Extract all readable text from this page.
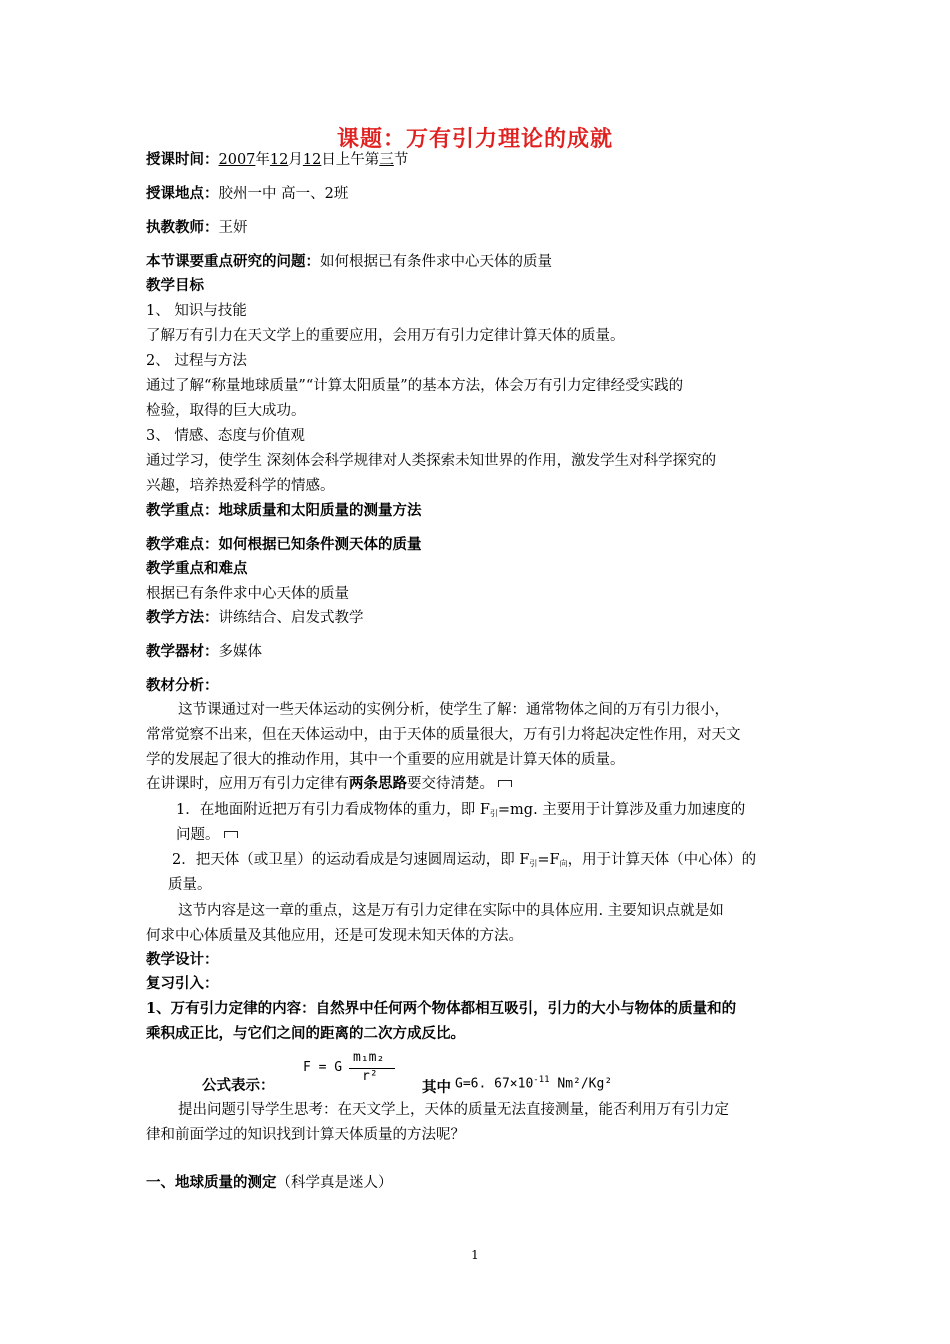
课题：万有引力理论的成就
授课时间：2007年12月12日上午第三节
授课地点：胶州一中 高一、2班
执教教师：王妍
本节课要重点研究的问题：如何根据已有条件求中心天体的质量
教学目标
1、 知识与技能
了解万有引力在天文学上的重要应用，会用万有引力定律计算天体的质量。
2、 过程与方法
通过了解“称量地球质量”“计算太阳质量”的基本方法，体会万有引力定律经受实践的
检验，取得的巨大成功。
3、 情感、态度与价值观
通过学习，使学生 深刻体会科学规律对人类探索未知世界的作用，激发学生对科学探究的
兴趣，培养热爱科学的情感。
教学重点：地球质量和太阳质量的测量方法
教学难点：如何根据已知条件测天体的质量
教学重点和难点
根据已有条件求中心天体的质量
教学方法：讲练结合、启发式教学
教学器材：多媒体
教材分析：
这节课通过对一些天体运动的实例分析，使学生了解：通常物体之间的万有引力很小，
常常觉察不出来，但在天体运动中，由于天体的质量很大，万有引力将起决定性作用，对天文
学的发展起了很大的推动作用，其中一个重要的应用就是计算天体的质量。
在讲课时，应用万有引力定律有两条思路要交待清楚。
1．在地面附近把万有引力看成物体的重力，即 $F_引=mg$. 主要用于计算涉及重力加速度的
问题。
2．把天体（或卫星）的运动看成是匀速圆周运动，即 $F_引=F_向$，用于计算天体（中心体）的
质量。
这节内容是这一章的重点，这是万有引力定律在实际中的具体应用. 主要知识点就是如
何求中心体质量及其他应用，还是可发现未知天体的方法。
教学设计：
复习引入：
1、万有引力定律的内容：自然界中任何两个物体都相互吸引，引力的大小与物体的质量和的
乘积成正比，与它们之间的距离的二次方成反比。
公式表示：
F = G
m₁m₂
r²
其中 G=6. $67\times 10^{-11}$ Nm²/Kg²
提出问题引导学生思考：在天文学上，天体的质量无法直接测量，能否利用万有引力定
律和前面学过的知识找到计算天体质量的方法呢？
一、地球质量的测定（科学真是迷人）
1
